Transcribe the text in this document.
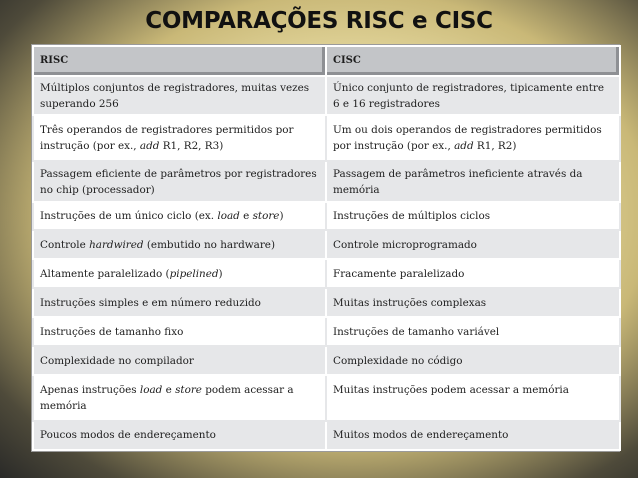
COMPARAÇÕES RISC e CISC
RISC	CISC
Múltiplos conjuntos de registradores, muitas vezes superando 256	Único conjunto de registradores, tipicamente entre 6 e 16 registradores
Três operandos de registradores permitidos por instrução (por ex., add R1, R2, R3)	Um ou dois operandos de registradores permitidos por instrução (por ex., add R1, R2)
Passagem eficiente de parâmetros por registradores no chip (processador)	Passagem de parâmetros ineficiente através da memória
Instruções de um único ciclo (ex. load e store)	Instruções de múltiplos ciclos
Controle hardwired (embutido no hardware)	Controle microprogramado
Altamente paralelizado (pipelined)	Fracamente paralelizado
Instruções simples e em número reduzido	Muitas instruções complexas
Instruções de tamanho fixo	Instruções de tamanho variável
Complexidade no compilador	Complexidade no código
Apenas instruções load e store podem acessar a memória	Muitas instruções podem acessar a memória
Poucos modos de endereçamento	Muitos modos de endereçamento
